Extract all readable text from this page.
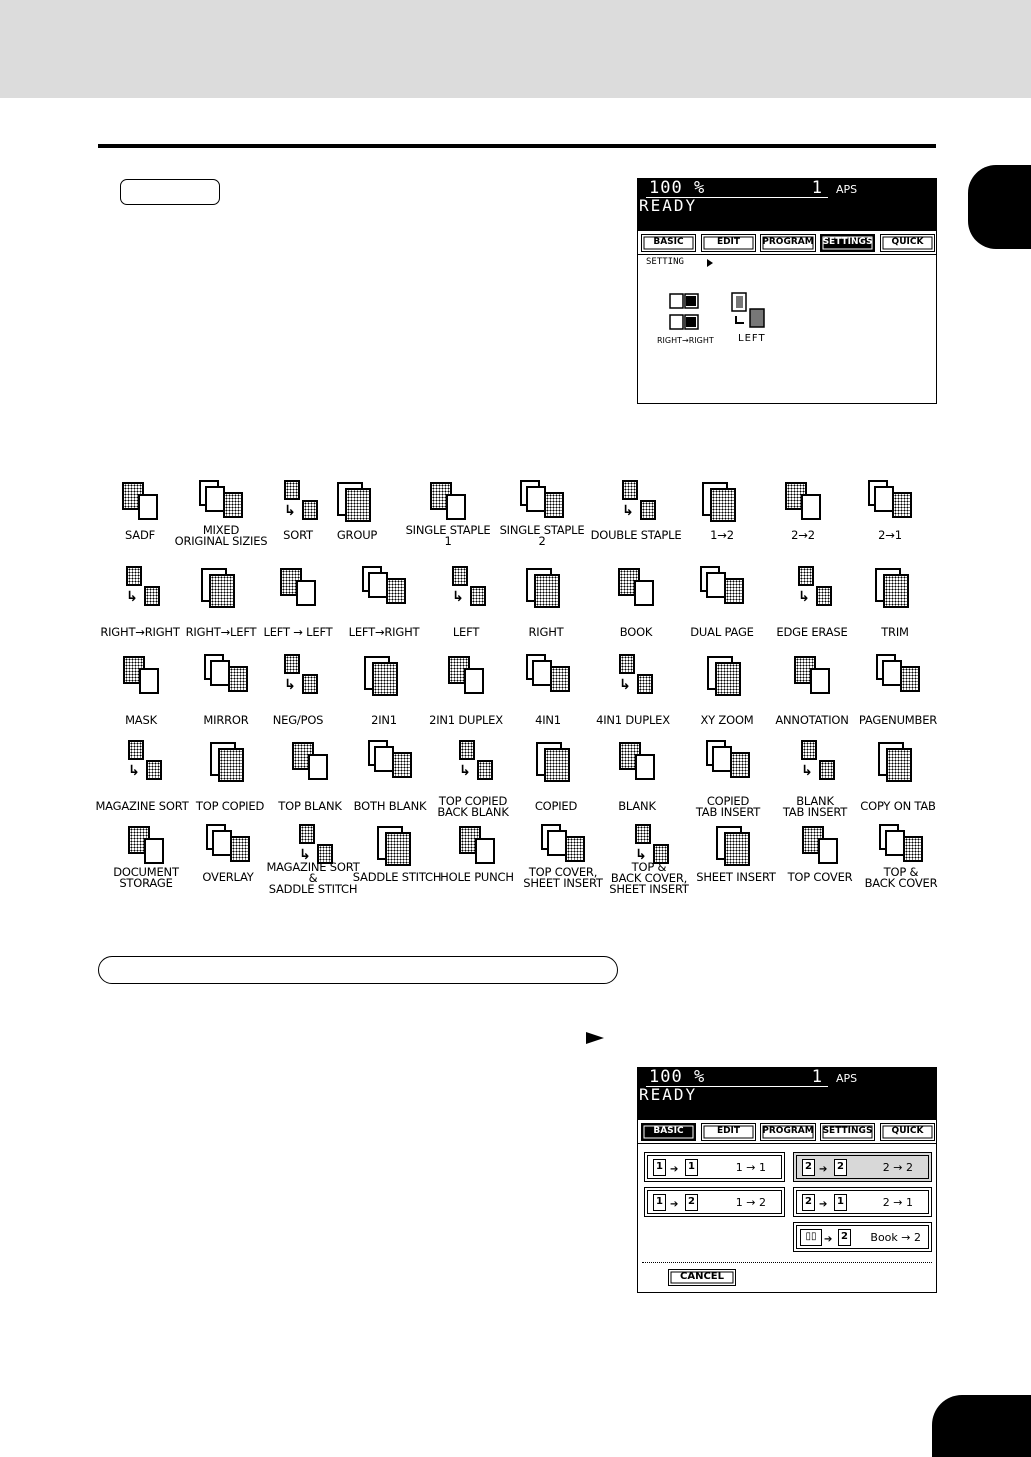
100 %	1 APS
READY
BASIC	EDIT	PROGRAM SETTINGS	QUICK
SETTING
RIGHT→RIGHT LEFT
SADF	MIXED
ORIGINAL SIZIES
↳
SORT GROUP SINGLE STAPLE
1
SINGLE STAPLE
2
↳
DOUBLE STAPLE 1→2	2→2	2→1
↳
RIGHT→RIGHT RIGHT→LEFT LEFT → LEFT LEFT→RIGHT
↳
LEFT	RIGHT	BOOK	DUAL PAGE
↳
EDGE ERASE	TRIM
MASK	MIRROR
↳
NEG/POS	2IN1	2IN1 DUPLEX	4IN1
↳
4IN1 DUPLEX	XY ZOOM ANNOTATION PAGENUMBER
↳
MAGAZINE SORT TOP COPIED TOP BLANK BOTH BLANK
↳
TOP COPIED
BACK BLANK COPIED	BLANK	COPIED
TAB INSERT
↳
BLANK
TAB INSERT COPY ON TAB
DOCUMENT
STORAGE	OVERLAY
↳
MAGAZINE SORT
&
SADDLE STITCH
SADDLE STITCH
HOLE PUNCH	TOP COVER,
SHEET INSERT
↳
TOP &
BACK COVER,
SHEET INSERT
SHEET INSERT TOP COVER	TOP &
BACK COVER
100 %	1 APS
READY
BASIC	EDIT	PROGRAM SETTINGS	QUICK
1 ➔ 1	1 → 1	2 ➔ 2	2 → 2
1 ➔ 2	1 → 2	2 ➔ 1	2 → 1
▯▯ ➔ 2 Book → 2
CANCEL
